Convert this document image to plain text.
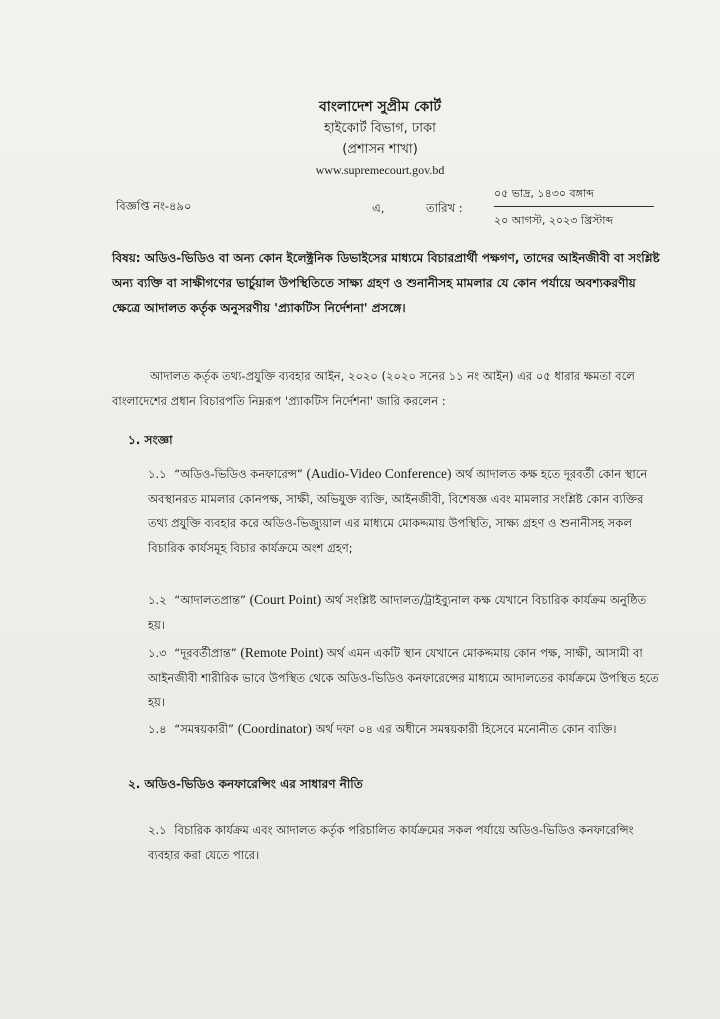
বাংলাদেশ সুপ্রীম কোর্ট
হাইকোর্ট বিভাগ, ঢাকা
(প্রশাসন শাখা)
www.supremecourt.gov.bd
বিজ্ঞপ্তি নং-৪৯০	এ,	তারিখ :
০৫ ভাদ্র, ১৪৩০ বঙ্গাব্দ
২০ আগস্ট, ২০২৩ খ্রিস্টাব্দ
বিষয়: অডিও-ভিডিও বা অন্য কোন ইলেক্ট্রনিক ডিভাইসের মাধ্যমে বিচারপ্রার্থী পক্ষগণ, তাদের আইনজীবী বা সংশ্লিষ্ট অন্য ব্যক্তি বা সাক্ষীগণের ভার্চুয়াল উপস্থিতিতে সাক্ষ্য গ্রহণ ও শুনানীসহ মামলার যে কোন পর্যায়ে অবশ্যকরণীয় ক্ষেত্রে আদালত কর্তৃক অনুসরণীয় 'প্র্যাকটিস নির্দেশনা' প্রসঙ্গে।
আদালত কর্তৃক তথ্য-প্রযুক্তি ব্যবহার আইন, ২০২০ (২০২০ সনের ১১ নং আইন) এর ০৫ ধারার ক্ষমতা বলে বাংলাদেশের প্রধান বিচারপতি নিম্নরূপ 'প্র্যাকটিস নির্দেশনা' জারি করলেন :
১. সংজ্ঞা
১.১ “অডিও-ভিডিও কনফারেন্স” (Audio-Video Conference) অর্থ আদালত কক্ষ হতে দূরবর্তী কোন স্থানে অবস্থানরত মামলার কোনপক্ষ, সাক্ষী, অভিযুক্ত ব্যক্তি, আইনজীবী, বিশেষজ্ঞ এবং মামলার সংশ্লিষ্ট কোন ব্যক্তির তথ্য প্রযুক্তি ব্যবহার করে অডিও-ভিজ্যুয়াল এর মাধ্যমে মোকদ্দমায় উপস্থিতি, সাক্ষ্য গ্রহণ ও শুনানীসহ সকল বিচারিক কার্যসমূহ বিচার কার্যক্রমে অংশ গ্রহণ;
১.২ “আদালতপ্রান্ত” (Court Point) অর্থ সংশ্লিষ্ট আদালত/ট্রাইব্যুনাল কক্ষ যেখানে বিচারিক কার্যক্রম অনুষ্ঠিত হয়।
১.৩ “দূরবর্তীপ্রান্ত” (Remote Point) অর্থ এমন একটি স্থান যেখানে মোকদ্দমায় কোন পক্ষ, সাক্ষী, আসামী বা আইনজীবী শারীরিক ভাবে উপস্থিত থেকে অডিও-ভিডিও কনফারেন্সের মাধ্যমে আদালতের কার্যক্রমে উপস্থিত হতে হয়।
১.৪ “সমন্বয়কারী” (Coordinator) অর্থ দফা ০৪ এর অধীনে সমন্বয়কারী হিসেবে মনোনীত কোন ব্যক্তি।
২. অডিও-ভিডিও কনফারেন্সিং এর সাধারণ নীতি
২.১ বিচারিক কার্যক্রম এবং আদালত কর্তৃক পরিচালিত কার্যক্রমের সকল পর্যায়ে অডিও-ভিডিও কনফারেন্সিং ব্যবহার করা যেতে পারে।
